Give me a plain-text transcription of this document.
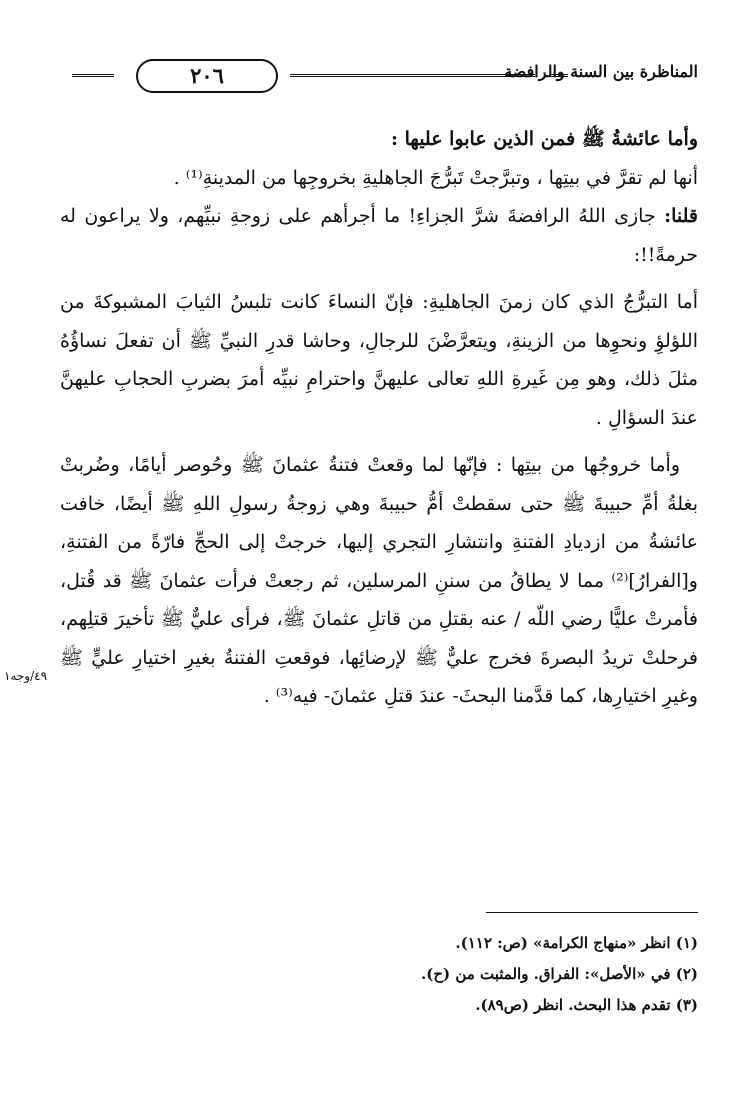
المناظرة بين السنة والرافضة
٢٠٦

وأما عائشةُ ﷺ فمن الذين عابوا عليها :

أنها لم تقرَّ في بيتِها ، وتبرَّجتْ تَبرُّجَ الجاهليةِ بخروجِها من المدينةِ⁽¹⁾ .

قلنا: جازى اللهُ الرافضةَ شرَّ الجزاءِ! ما أجرأهم على زوجةِ نبيِّهم، ولا يراعون له حرمةً!!:

أما التبرُّجُ الذي كان زمنَ الجاهليةِ: فإنّ النساءَ كانت تلبسُ الثيابَ المشبوكةَ من اللؤلؤِ ونحوِها من الزينةِ، ويتعرَّضْنَ للرجالِ، وحاشا قدرِ النبيِّ ﷺ أن تفعلَ نساؤُهُ مثلَ ذلك، وهو مِن غَيرةِ اللهِ تعالى عليهنَّ واحترامِ نبيِّه أمرَ بضربِ الحجابِ عليهنَّ عندَ السؤالِ .

وأما خروجُها من بيتِها : فإنّها لما وقعتْ فتنةُ عثمانَ ﷺ وحُوصر أيامًا، وضُربتْ بغلةُ أمِّ حبيبةَ ﷺ حتى سقطتْ أمُّ حبيبةَ وهي زوجةُ رسولِ اللهِ ﷺ أيضًا، خافت عائشةُ من ازديادِ الفتنةِ وانتشارِ التجري إليها، خرجتْ إلى الحجِّ فارّةً من الفتنةِ، و[الفرارُ]⁽²⁾ مما لا يطاقُ من سننِ المرسلين، ثم رجعتْ فرأت عثمانَ ﷺ قد قُتل، فأمرتْ عليًّا رضي اللّه / عنه بقتلِ من قاتلِ عثمانَ ﷺ، فرأى عليٌّ ﷺ تأخيرَ قتلِهم، فرحلتْ تريدُ البصرةَ فخرج عليٌّ ﷺ لإرضائِها، فوقعتِ الفتنةُ بغيرِ اختيارِ عليٍّ ﷺ وغيرِ اختيارِها، كما قدَّمنا البحثَ- عندَ قتلِ عثمانَ- فيه⁽³⁾ .

٤٩/وجه١

(١) انظر «منهاج الكرامة» (ص: ١١٢).

(٢) في «الأصل»: الفراق. والمثبت من (ح).

(٣) تقدم هذا البحث. انظر (ص٨٩).
